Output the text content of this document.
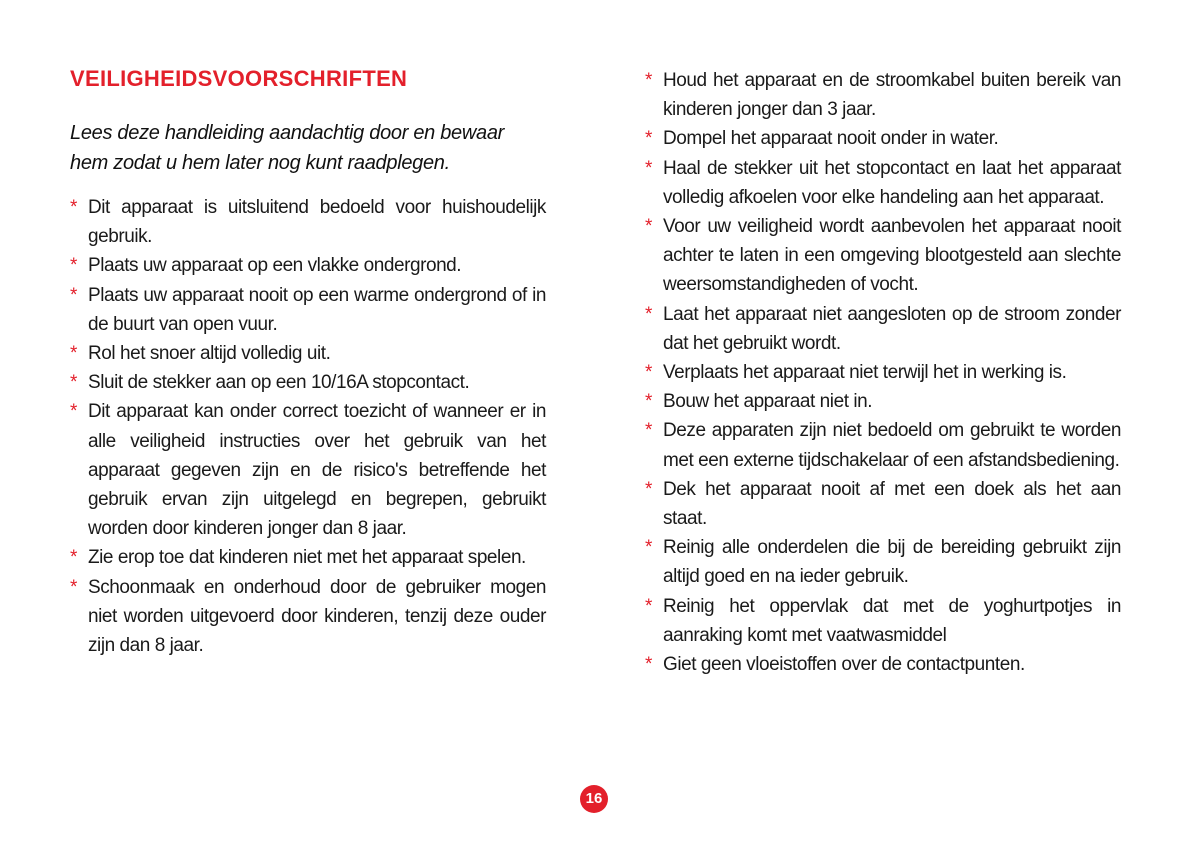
VEILIGHEIDSVOORSCHRIFTEN

Lees deze handleiding aandachtig door en bewaar hem zodat u hem later nog kunt raadplegen.

* Dit apparaat is uitsluitend bedoeld voor huishoudelijk gebruik.
* Plaats uw apparaat op een vlakke ondergrond.
* Plaats uw apparaat nooit op een warme ondergrond of in de buurt van open vuur.
* Rol het snoer altijd volledig uit.
* Sluit de stekker aan op een 10/16A stopcontact.
* Dit apparaat kan onder correct toezicht of wanneer er in alle veiligheid instructies over het gebruik van het apparaat gegeven zijn en de risico's betreffende het gebruik ervan zijn uitgelegd en begrepen, gebruikt worden door kinderen jonger dan 8 jaar.
* Zie erop toe dat kinderen niet met het apparaat spelen.
* Schoonmaak en onderhoud door de gebruiker mogen niet worden uitgevoerd door kinderen, tenzij deze ouder zijn dan 8 jaar.
* Houd het apparaat en de stroomkabel buiten bereik van kinderen jonger dan 3 jaar.
* Dompel het apparaat nooit onder in water.
* Haal de stekker uit het stopcontact en laat het apparaat volledig afkoelen voor elke handeling aan het apparaat.
* Voor uw veiligheid wordt aanbevolen het apparaat nooit achter te laten in een omgeving blootgesteld aan slechte weersomstandigheden of vocht.
* Laat het apparaat niet aangesloten op de stroom zonder dat het gebruikt wordt.
* Verplaats het apparaat niet terwijl het in werking is.
* Bouw het apparaat niet in.
* Deze apparaten zijn niet bedoeld om gebruikt te worden met een externe tijdschakelaar of een afstandsbediening.
* Dek het apparaat nooit af met een doek als het aan staat.
* Reinig alle onderdelen die bij de bereiding gebruikt zijn altijd goed en na ieder gebruik.
* Reinig het oppervlak dat met de yoghurtpotjes in aanraking komt met vaatwasmiddel
* Giet geen vloeistoffen over de contactpunten.
16
